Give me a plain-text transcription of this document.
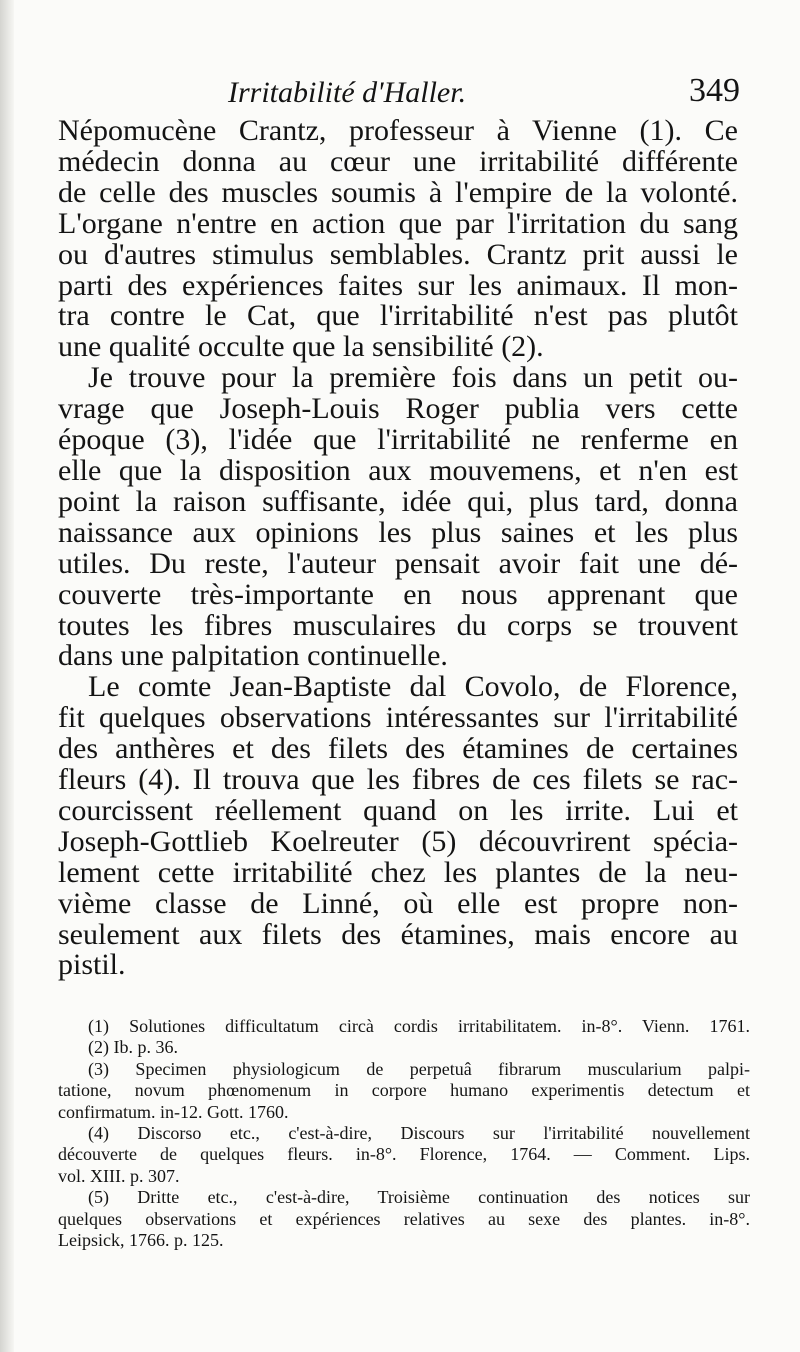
Irritabilité d'Haller.	349
Népomucène Crantz, professeur à Vienne (1). Ce
médecin donna au cœur une irritabilité différente
de celle des muscles soumis à l'empire de la volonté.
L'organe n'entre en action que par l'irritation du sang
ou d'autres stimulus semblables. Crantz prit aussi le
parti des expériences faites sur les animaux. Il mon-
tra contre le Cat, que l'irritabilité n'est pas plutôt
une qualité occulte que la sensibilité (2).
Je trouve pour la première fois dans un petit ou-
vrage que Joseph-Louis Roger publia vers cette
époque (3), l'idée que l'irritabilité ne renferme en
elle que la disposition aux mouvemens, et n'en est
point la raison suffisante, idée qui, plus tard, donna
naissance aux opinions les plus saines et les plus
utiles. Du reste, l'auteur pensait avoir fait une dé-
couverte très-importante en nous apprenant que
toutes les fibres musculaires du corps se trouvent
dans une palpitation continuelle.
Le comte Jean-Baptiste dal Covolo, de Florence,
fit quelques observations intéressantes sur l'irritabilité
des anthères et des filets des étamines de certaines
fleurs (4). Il trouva que les fibres de ces filets se rac-
courcissent réellement quand on les irrite. Lui et
Joseph-Gottlieb Koelreuter (5) découvrirent spécia-
lement cette irritabilité chez les plantes de la neu-
vième classe de Linné, où elle est propre non-
seulement aux filets des étamines, mais encore au
pistil.
(1) Solutiones difficultatum circà cordis irritabilitatem. in-8°. Vienn. 1761.
(2) Ib. p. 36.
(3) Specimen physiologicum de perpetuâ fibrarum muscularium palpi-
tatione, novum phœnomenum in corpore humano experimentis detectum et
confirmatum. in-12. Gott. 1760.
(4) Discorso etc., c'est-à-dire, Discours sur l'irritabilité nouvellement
découverte de quelques fleurs. in-8°. Florence, 1764. — Comment. Lips.
vol. XIII. p. 307.
(5) Dritte etc., c'est-à-dire, Troisième continuation des notices sur
quelques observations et expériences relatives au sexe des plantes. in-8°.
Leipsick, 1766. p. 125.
